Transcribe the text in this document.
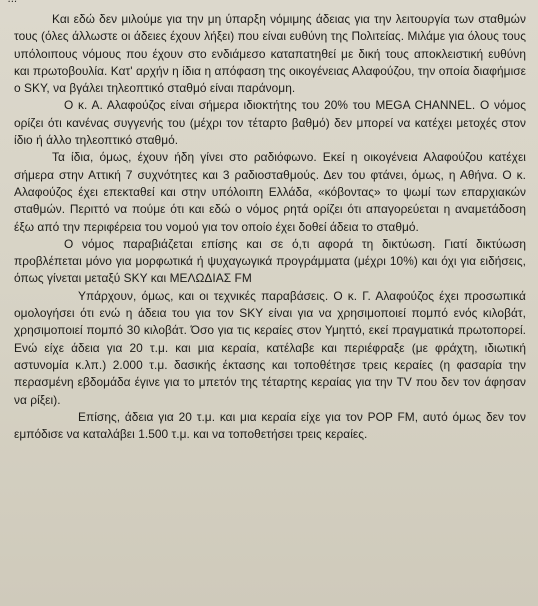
Και εδώ δεν μιλούμε για την μη ύπαρξη νόμιμης άδειας για την λειτουργία των σταθμών τους (όλες άλλωστε οι άδειες έχουν λήξει) που είναι ευθύνη της Πολιτείας. Μιλάμε για όλους τους υπόλοιπους νόμους που έχουν στο ενδιάμεσο καταπατηθεί με δική τους αποκλειστική ευθύνη και πρωτοβουλία. Κατ' αρχήν η ίδια η απόφαση της οικογένειας Αλαφούζου, την οποία διαφήμισε ο SKY, να βγάλει τηλεοπτικό σταθμό είναι παράνομη.

Ο κ. Α. Αλαφούζος είναι σήμερα ιδιοκτήτης του 20% του MEGA CHANNEL. Ο νόμος ορίζει ότι κανένας συγγενής του (μέχρι τον τέταρτο βαθμό) δεν μπορεί να κατέχει μετοχές στον ίδιο ή άλλο τηλεοπτικό σταθμό.

Τα ίδια, όμως, έχουν ήδη γίνει στο ραδιόφωνο. Εκεί η οικογένεια Αλαφούζου κατέχει σήμερα στην Αττική 7 συχνότητες και 3 ραδιοσταθμούς. Δεν του φτάνει, όμως, η Αθήνα. Ο κ. Αλαφούζος έχει επεκταθεί και στην υπόλοιπη Ελλάδα, «κόβοντας» το ψωμί των επαρχιακών σταθμών. Περιττό να πούμε ότι και εδώ ο νόμος ρητά ορίζει ότι απαγορεύεται η αναμετάδοση έξω από την περιφέρεια του νομού για τον οποίο έχει δοθεί άδεια το σταθμό.

Ο νόμος παραβιάζεται επίσης και σε ό,τι αφορά τη δικτύωση. Γιατί δικτύωση προβλέπεται μόνο για μορφωτικά ή ψυχαγωγικά προγράμματα (μέχρι 10%) και όχι για ειδήσεις, όπως γίνεται μεταξύ SKY και ΜΕΛΩΔΙΑΣ FM

Υπάρχουν, όμως, και οι τεχνικές παραβάσεις. Ο κ. Γ. Αλαφούζος έχει προσωπικά ομολογήσει ότι ενώ η άδεια του για τον SKY είναι για να χρησιμοποιεί πομπό ενός κιλοβάτ, χρησιμοποιεί πομπό 30 κιλοβάτ. Όσο για τις κεραίες στον Υμηττό, εκεί πραγματικά πρωτοπορεί. Ενώ είχε άδεια για 20 τ.μ. και μια κεραία, κατέλαβε και περιέφραξε (με φράχτη, ιδιωτική αστυνομία κ.λπ.) 2.000 τ.μ. δασικής έκτασης και τοποθέτησε τρεις κεραίες (η φασαρία την περασμένη εβδομάδα έγινε για το μπετόν της τέταρτης κεραίας για την TV που δεν τον άφησαν να ρίξει).

Επίσης, άδεια για 20 τ.μ. και μια κεραία είχε για τον POP FM, αυτό όμως δεν τον εμπόδισε να καταλάβει 1.500 τ.μ. και να τοποθετήσει τρεις κεραίες.
